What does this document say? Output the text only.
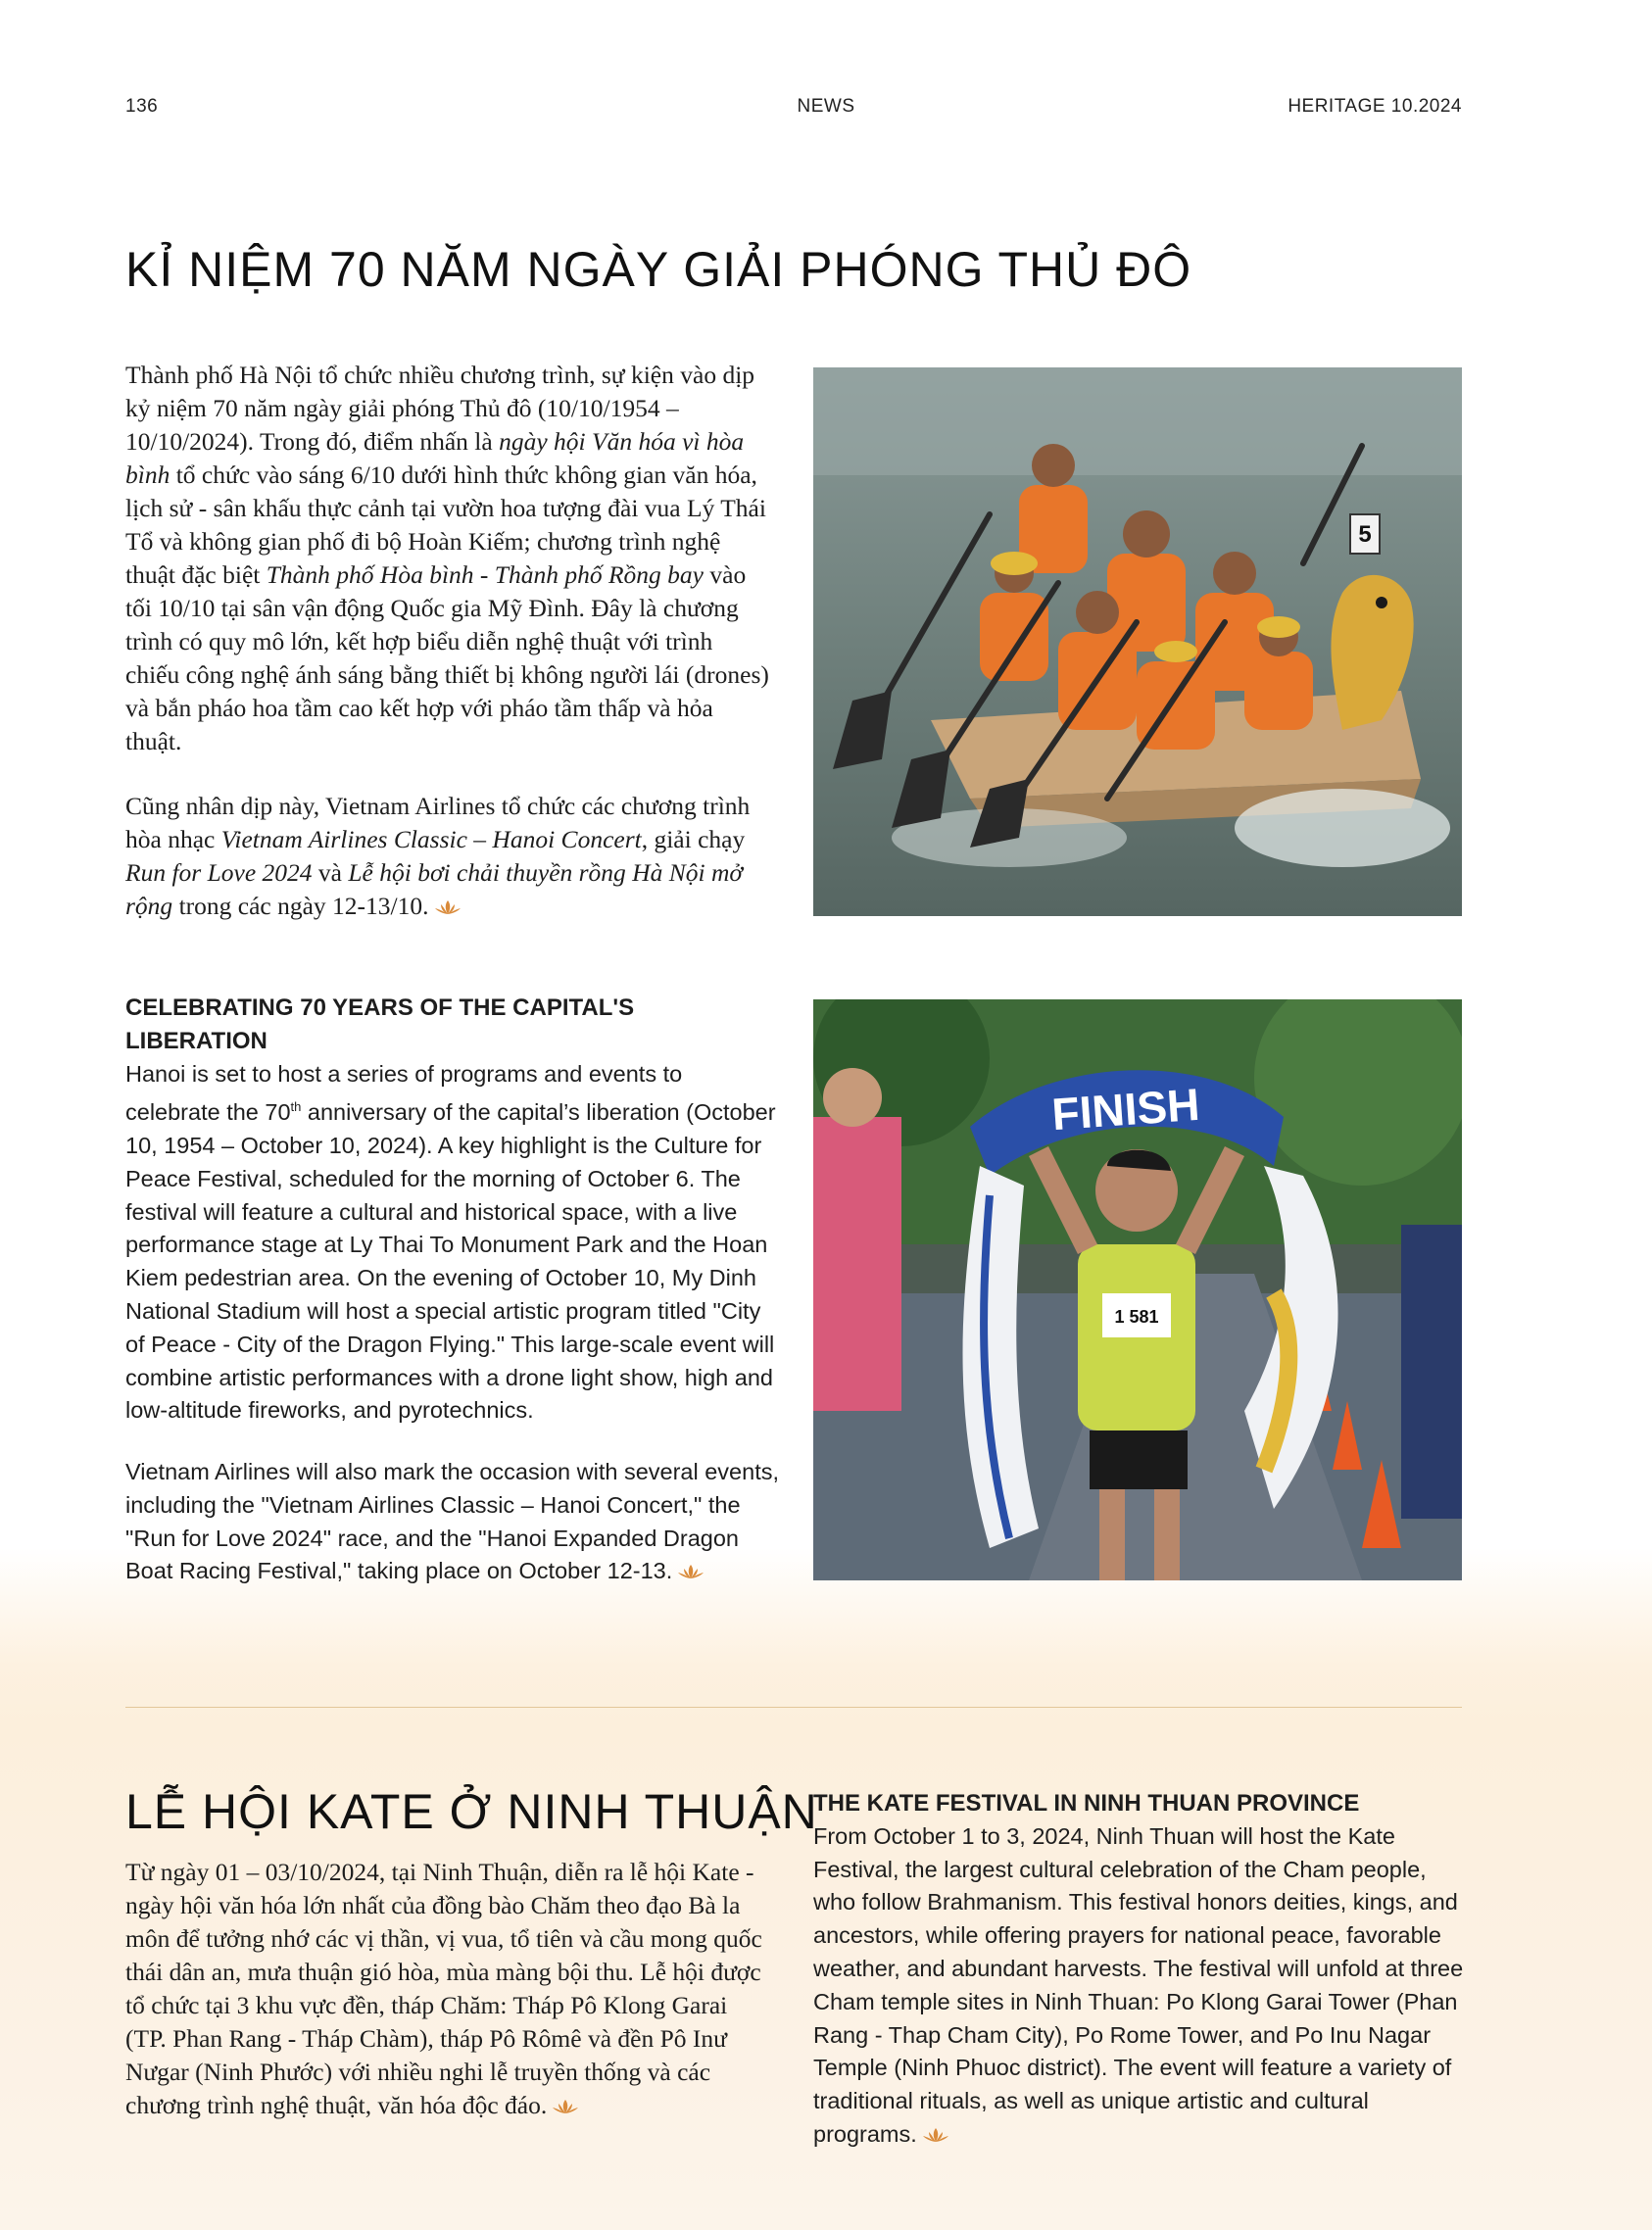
136	NEWS	HERITAGE 10.2024
KỈ NIỆM 70 NĂM NGÀY GIẢI PHÓNG THỦ ĐÔ

Thành phố Hà Nội tổ chức nhiều chương trình, sự kiện vào dịp kỷ niệm 70 năm ngày giải phóng Thủ đô (10/10/1954 – 10/10/2024). Trong đó, điểm nhấn là ngày hội Văn hóa vì hòa bình tổ chức vào sáng 6/10 dưới hình thức không gian văn hóa, lịch sử - sân khấu thực cảnh tại vườn hoa tượng đài vua Lý Thái Tổ và không gian phố đi bộ Hoàn Kiếm; chương trình nghệ thuật đặc biệt Thành phố Hòa bình - Thành phố Rồng bay vào tối 10/10 tại sân vận động Quốc gia Mỹ Đình. Đây là chương trình có quy mô lớn, kết hợp biểu diễn nghệ thuật với trình chiếu công nghệ ánh sáng bằng thiết bị không người lái (drones) và bắn pháo hoa tầm cao kết hợp với pháo tầm thấp và hỏa thuật.

Cũng nhân dịp này, Vietnam Airlines tổ chức các chương trình hòa nhạc Vietnam Airlines Classic – Hanoi Concert, giải chạy Run for Love 2024 và Lễ hội bơi chải thuyền rồng Hà Nội mở rộng trong các ngày 12-13/10.

CELEBRATING 70 YEARS OF THE CAPITAL'S LIBERATION
Hanoi is set to host a series of programs and events to celebrate the 70th anniversary of the capital’s liberation (October 10, 1954 – October 10, 2024). A key highlight is the Culture for Peace Festival, scheduled for the morning of October 6. The festival will feature a cultural and historical space, with a live performance stage at Ly Thai To Monument Park and the Hoan Kiem pedestrian area. On the evening of October 10, My Dinh National Stadium will host a special artistic program titled "City of Peace - City of the Dragon Flying." This large-scale event will combine artistic performances with a drone light show, high and low-altitude fireworks, and pyrotechnics.

Vietnam Airlines will also mark the occasion with several events, including the "Vietnam Airlines Classic – Hanoi Concert," the "Run for Love 2024" race, and the "Hanoi Expanded Dragon Boat Racing Festival," taking place on October 12-13.

5
FINISH
1 581
LỄ HỘI KATE Ở NINH THUẬN

Từ ngày 01 – 03/10/2024, tại Ninh Thuận, diễn ra lễ hội Kate - ngày hội văn hóa lớn nhất của đồng bào Chăm theo đạo Bà la môn để tưởng nhớ các vị thần, vị vua, tổ tiên và cầu mong quốc thái dân an, mưa thuận gió hòa, mùa màng bội thu. Lễ hội được tổ chức tại 3 khu vực đền, tháp Chăm: Tháp Pô Klong Garai (TP. Phan Rang - Tháp Chàm), tháp Pô Rômê và đền Pô Inư Nưgar (Ninh Phước) với nhiều nghi lễ truyền thống và các chương trình nghệ thuật, văn hóa độc đáo.

THE KATE FESTIVAL IN NINH THUAN PROVINCE
From October 1 to 3, 2024, Ninh Thuan will host the Kate Festival, the largest cultural celebration of the Cham people, who follow Brahmanism. This festival honors deities, kings, and ancestors, while offering prayers for national peace, favorable weather, and abundant harvests. The festival will unfold at three Cham temple sites in Ninh Thuan: Po Klong Garai Tower (Phan Rang - Thap Cham City), Po Rome Tower, and Po Inu Nagar Temple (Ninh Phuoc district). The event will feature a variety of traditional rituals, as well as unique artistic and cultural programs.
